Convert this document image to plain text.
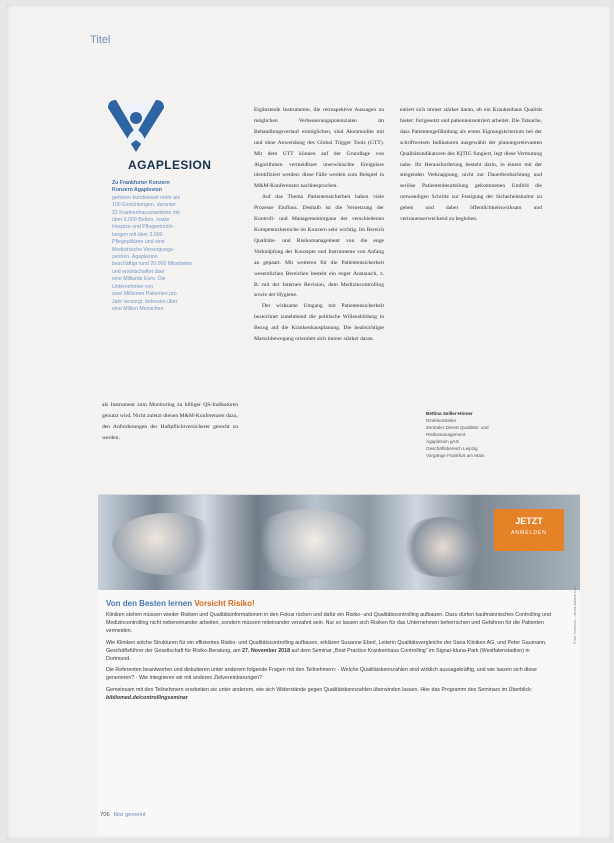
Titel
AGAPLESION
Zu Frankfurter Konzern
Konzern Agaplesion
gehören bundesweit mehr als
100 Einrichtungen, darunter
22 Krankenhausstandorte mit
über 6.000 Betten, sowie
Hospize und Pflegeeinrich-
tungen mit über 3.000
Pflegeplätzen und eine
Medizinische Versorgungs-
zentren. Agaplesion
beschäftigt rund 20.000 Mitarbeiter
und erwirtschaftet über
eine Milliarde Euro. Die
Unternehmen von
zwei Millionen Patienten pro
Jahr versorgt, betreuen über
eine Million Menschen.

als Instrument zum Monitoring zu billiger QS-Indikatoren genutzt wird. Nicht zuletzt dienen M&M-Konferenzen dazu, den Anforderungen der Haftpflichtversicherer gerecht zu werden.

Ergänzende Instrumente, die retrospektive Aussagen zu möglichen Verbesserungspotenzialen im Behandlungsverlauf ermöglichen, sind Akenmodite mit und ohne Anwendung des Global Trigger Tools (GTT). Mit dem GTT können auf der Grundlage von Algorithmen vermeidbare unerwünschte Ereignisse identifiziert werden: diese Fälle werden zum Beispiel in M&M-Konferenzen nachbesprochen.

Auf das Thema Patientensicherheit haben viele Prozesse Einfluss. Deshalb ist die Vernetzung der Kontroll- und Managementorgane der verschiedenen Kompetenzbereiche im Konzern sehr wichtig. Im Bereich Qualitäts- und Risikomanagement von die enge Verknüpfung der Konzepte und Instrumente von Anfang an gepaart. Mit weiteren für die Patientensicherheit wesentlichen Bereichen besteht ein enger Austausch, z. B. mit der Internen Revision, dem Medizincontrolling sowie der Hygiene.

Der wirksame Umgang mit Patientensicherheit bezeichnet zunehmend die politische Willensbildung in Bezug auf die Krankenhausplanung. Die beabsichtigte Marschbewegung orientiert sich immer stärker daran.

entiert sich immer stärker daran, ob ein Krankenhaus Qualität bietet: fortgesetzt und patientenzentriert arbeitet. Die Tatsache, dass Patientengefährdung als erstes Eignungskriterium bei der schriftweisen Indikatoren ausgewählt der planungsrelevanten Qualitätsindikatoren des IQTIG fungiert, legt diese Vermutung nahe. Ihr Herausforderung besteht darin, in einem mit der steigenden Verknappung, nicht zur Dauerbeobachtung und seriöse Patientenbeurteilung gekommenen Umfeld die notwendigen Schritte zur Festigung der Sicherheitskultur zu gehen und dabei öffentlichkeitswirksam und vertrauenserweckend zu begleiten.

Bettina Seiller-Hinner
Direktionsleiter
Zentraler Dienst Qualitäts- und
Risikomanagement
Agaplesion gAG
Geschäftsbereich Leipzig
Vorgänge Frankfurt am Main
JETZT
ANMELDEN
Von den Besten lernen Vorsicht Risiko!

Kliniken stehen müssen wieder Risiken und Qualitätsinformationen in den Fokus rücken und dafür ein Risiko- und Qualitätscontrolling aufbauen. Dazu dürfen kaufmännisches Controlling und Medizincontrolling nicht nebeneinander arbeiten, sondern müssen miteinander verzahnt sein. Nur so lassen sich Risiken für das Unternehmen beherrschen und Gefahren für die Patienten vermeiden.

Wie Kliniken solche Strukturen für ein effizientes Risiko- und Qualitätscontrolling aufbauen, erklären Susanne Eberl, Leiterin Qualitätsvergleiche der Sana Kliniken AG, und Peter Gaumann, Geschäftsführer der Gesellschaft für Risiko-Beratung, am 27. November 2018 auf dem Seminar „Best Practice Krankenhaus Controlling“ im Signal-Iduna-Park (Westfalenstadion) in Dortmund.

Die Referenten beantworten und diskutieren unter anderem folgende Fragen mit den Teilnehmern: · Welche Qualitätskennzahlen sind wirklich aussagekräftig, und wie lassen sich diese generieren? · Wie integrieren wir mit anderen Zielvereinbarungen?

Gemeinsam mit den Teilnehmern erarbeiten sie unter anderem, wie sich Widerstände gegen Qualitätskennzahlen überwinden lassen. Hier das Programm des Seminars im Überblick: bibliomed.de/controllingseminar

Foto: Kzenon – stock.adobe.com
706 f&w gemeint
